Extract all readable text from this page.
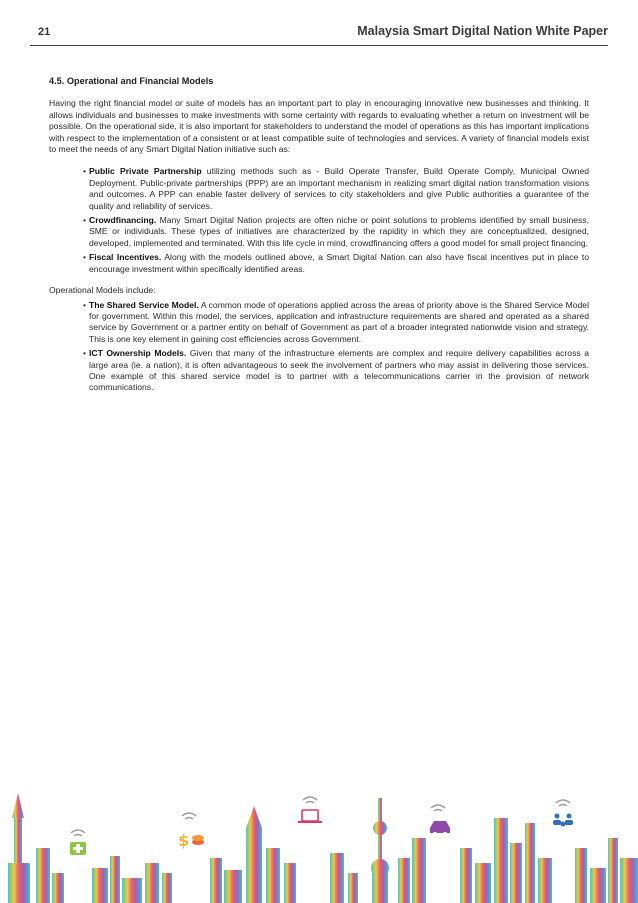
21	Malaysia Smart Digital Nation White Paper
4.5. Operational and Financial Models

Having the right financial model or suite of models has an important part to play in encouraging innovative new businesses and thinking. It allows individuals and businesses to make investments with some certainty with regards to evaluating whether a return on investment will be possible. On the operational side, it is also important for stakeholders to understand the model of operations as this has important implications with respect to the implementation of a consistent or at least compatible suite of technologies and services. A variety of financial models exist to meet the needs of any Smart Digital Nation initiative such as:

• Public Private Partnership utilizing methods such as - Build Operate Transfer, Build Operate Comply, Municipal Owned Deployment. Public-private partnerships (PPP) are an important mechanism in realizing smart digital nation transformation visions and outcomes. A PPP can enable faster delivery of services to city stakeholders and give Public authorities a guarantee of the quality and reliability of services.
• Crowdfinancing. Many Smart Digital Nation projects are often niche or point solutions to problems identified by small business, SME or individuals. These types of initiatives are characterized by the rapidity in which they are conceptualized, designed, developed, implemented and terminated. With this life cycle in mind, crowdfinancing offers a good model for small project financing.
• Fiscal Incentives. Along with the models outlined above, a Smart Digital Nation can also have fiscal incentives put in place to encourage investment within specifically identified areas.

Operational Models include:

• The Shared Service Model. A common mode of operations applied across the areas of priority above is the Shared Service Model for government. Within this model, the services, application and infrastructure requirements are shared and operated as a shared service by Government or a partner entity on behalf of Government as part of a broader integrated nationwide vision and strategy. This is one key element in gaining cost efficiencies across Government.
• ICT Ownership Models. Given that many of the infrastructure elements are complex and require delivery capabilities across a large area (ie. a nation), it is often advantageous to seek the involvement of partners who may assist in delivering those services. One example of this shared service model is to partner with a telecommunications carrier in the provision of network communications.
$
